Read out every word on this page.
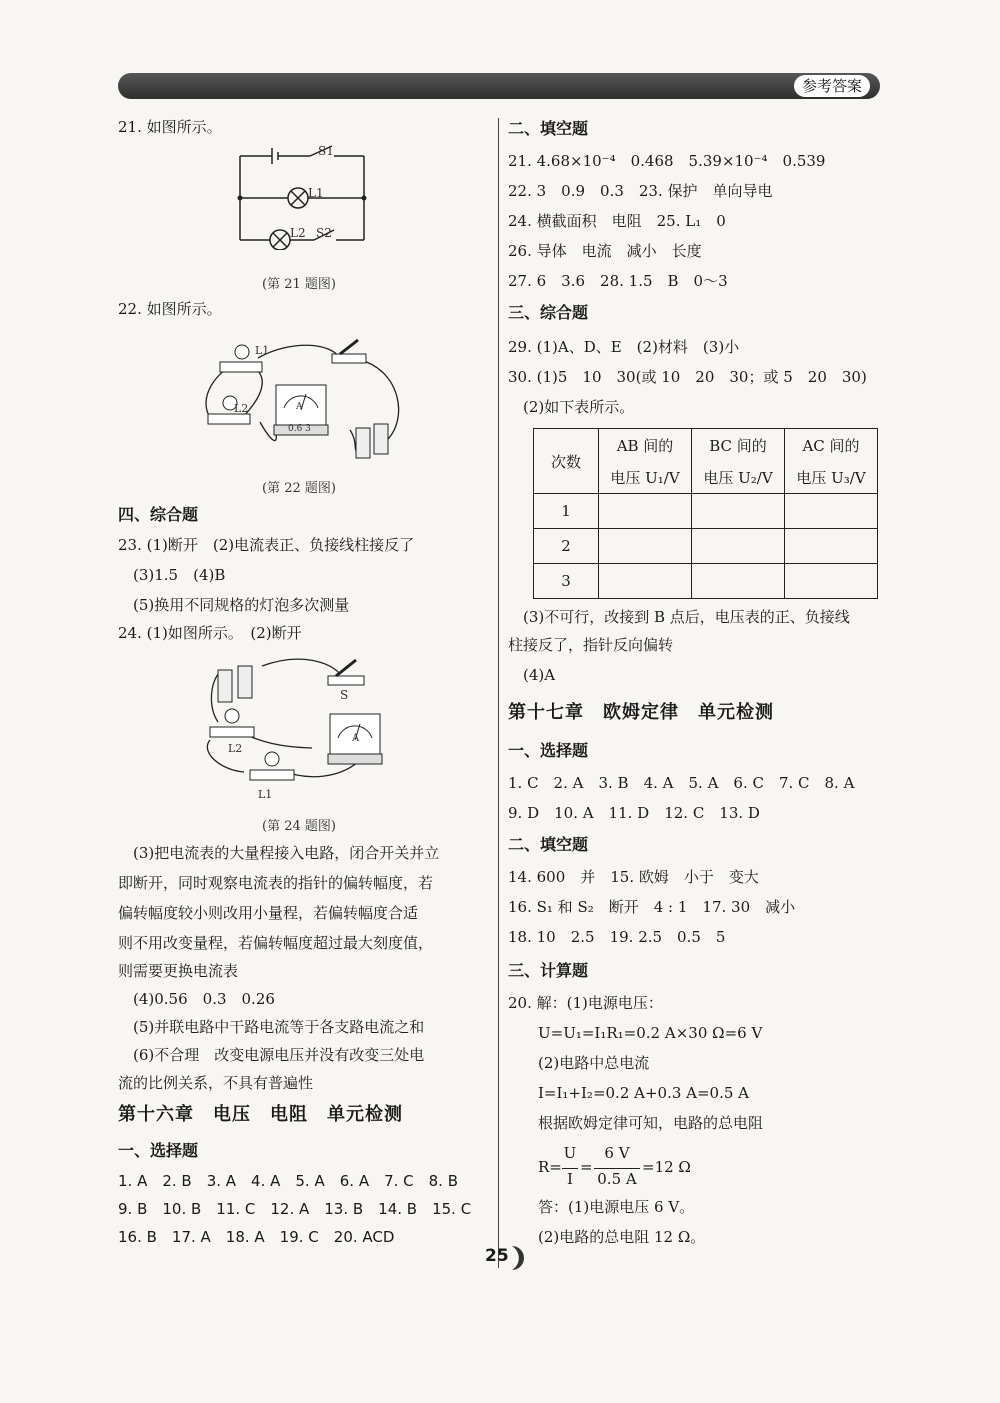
参考答案
21. 如图所示。
S1
L1
L2 S2
(第 21 题图)
22. 如图所示。
L1
L2	A
0.6 3
(第 22 题图)
四、综合题
23. (1)断开　(2)电流表正、负接线柱接反了
(3)1.5　(4)B
(5)换用不同规格的灯泡多次测量
24. (1)如图所示。　(2)断开
S
L2
L1
A
(第 24 题图)
(3)把电流表的大量程接入电路，闭合开关并立
即断开，同时观察电流表的指针的偏转幅度，若
偏转幅度较小则改用小量程，若偏转幅度合适
则不用改变量程，若偏转幅度超过最大刻度值，
则需要更换电流表
(4)0.56　0.3　0.26
(5)并联电路中干路电流等于各支路电流之和
(6)不合理　改变电源电压并没有改变三处电
流的比例关系，不具有普遍性
第十六章　电压　电阻　单元检测
一、选择题
1. A　2. B　3. A　4. A　5. A　6. A　7. C　8. B
9. B　10. B　11. C　12. A　13. B　14. B　15. C
16. B　17. A　18. A　19. C　20. ACD
二、填空题
21. 4.68×10⁻⁴　0.468　5.39×10⁻⁴　0.539
22. 3　0.9　0.3　23. 保护　单向导电
24. 横截面积　电阻　25. L₁　0
26. 导体　电流　减小　长度
27. 6　3.6　28. 1.5　B　0～3
三、综合题
29. (1)A、D、E　(2)材料　(3)小
30. (1)5　10　30(或 10　20　30；或 5　20　30)
(2)如下表所示。
次数	AB 间的	BC 间的	AC 间的
	电压 U₁/V	电压 U₂/V	电压 U₃/V
1			
2			
3			
(3)不可行，改接到 B 点后，电压表的正、负接线
柱接反了，指针反向偏转
(4)A
第十七章　欧姆定律　单元检测
一、选择题
1. C　2. A　3. B　4. A　5. A　6. C　7. C　8. A
9. D　10. A　11. D　12. C　13. D
二、填空题
14. 600　并　15. 欧姆　小于　变大
16. S₁ 和 S₂　断开　4 : 1　17. 30　减小
18. 10　2.5　19. 2.5　0.5　5
三、计算题
20. 解：(1)电源电压：
U=U₁=I₁R₁=0.2 A×30 Ω=6 V
(2)电路中总电流
I=I₁+I₂=0.2 A+0.3 A=0.5 A
根据欧姆定律可知，电路的总电阻
R=
U
I
=
6 V
0.5 A
=12 Ω
答：(1)电源电压 6 V。
(2)电路的总电阻 12 Ω。
25
